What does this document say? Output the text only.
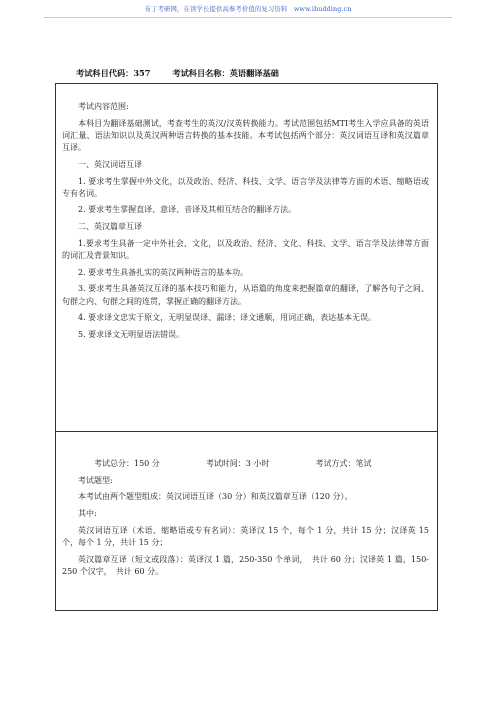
布丁考研网，在读学长提供高参考价值的复习资料　www.ibudding.cn
考试科目代码：357	考试科目名称：英语翻译基础

考试内容范围:

本科目为翻译基础测试，考查考生的英汉/汉英转换能力。考试范围包括MTI考生入学应具备的英语词汇量、语法知识以及英汉两种语言转换的基本技能。本考试包括两个部分：英汉词语互译和英汉篇章互译。

一、英汉词语互译

1. 要求考生掌握中外文化，以及政治、经济、科技、文学、语言学及法律等方面的术语、缩略语或专有名词。

2. 要求考生掌握直译、意译、音译及其相互结合的翻译方法。

二、英汉篇章互译

1.要求考生具备一定中外社会、文化，以及政治、经济、文化、科技、文学、语言学及法律等方面的词汇及背景知识。

2. 要求考生具备扎实的英汉两种语言的基本功。

3. 要求考生具备英汉互译的基本技巧和能力，从语篇的角度来把握篇章的翻译，了解各句子之间、句群之内、句群之间的连贯，掌握正确的翻译方法。

4. 要求译文忠实于原文，无明显误译、漏译；译文通顺，用词正确，表达基本无误。

5. 要求译文无明显语法错误。

考试总分：150 分	考试时间：3 小时	考试方式：笔试

考试题型:

本考试由两个题型组成：英汉词语互译（30 分）和英汉篇章互译（120 分）。

其中:

英汉词语互译（术语、缩略语或专有名词）：英译汉 15 个，每个 1 分，共计 15 分；汉译英 15 个，每个 1 分，共计 15 分；

英汉篇章互译（短文或段落）：英译汉 1 篇，250-350 个单词，　共计 60 分；汉译英 1 篇，150-250 个汉字，　共计 60 分。
